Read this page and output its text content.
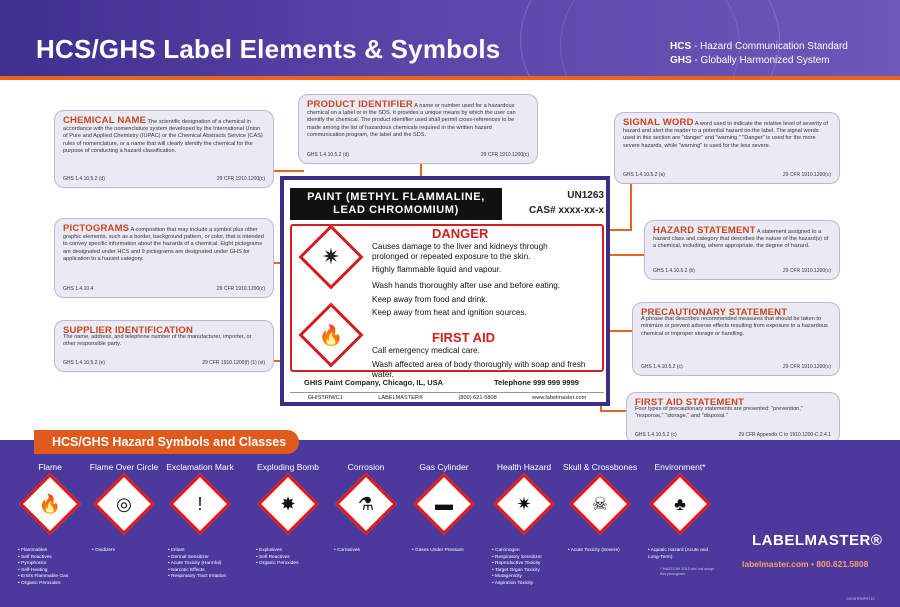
HCS/GHS Label Elements & Symbols	HCS - Hazard Communication Standard
GHS - Globally Harmonized System
CHEMICAL NAME The scientific designation of a chemical in accordance with the nomenclature system developed by the International Union of Pure and Applied Chemistry (IUPAC) or the Chemical Abstracts Service (CAS) rules of nomenclature, or a name that will clearly identify the chemical for the purpose of conducting a hazard classification.
GHS 1.4.10.5.2 (d)	29 CFR 1910.1200(c)
PRODUCT IDENTIFIER A name or number used for a hazardous chemical on a label or in the SDS. It provides a unique means by which the user can identify the chemical. The product identifier used shall permit cross-references to be made among the list of hazardous chemicals required in the written hazard communication program, the label and the SDS.
GHS 1.4.10.5.2 (d)	29 CFR 1910.1200(c)
SIGNAL WORD A word used to indicate the relative level of severity of hazard and alert the reader to a potential hazard on the label. The signal words used in this section are "danger" and "warning." "Danger" is used for the more severe hazards, while "warning" is used for the less severe.
GHS 1.4.10.5.2 (a)	29 CFR 1910.1200(c)
PICTOGRAMS A composition that may include a symbol plus other graphic elements, such as a border, background pattern, or color, that is intended to convey specific information about the hazards of a chemical. Eight pictograms are designated under HCS and 9 pictograms are designated under GHS for application to a hazard category.
GHS 1.4.10.4	29 CFR 1910.1200(c)
HAZARD STATEMENT A statement assigned to a hazard class and category that describes the nature of the hazard(s) of a chemical, including, where appropriate, the degree of hazard.
GHS 1.4.10.5.2 (b)	29 CFR 1910.1200(c)
SUPPLIER IDENTIFICATION
The name, address, and telephone number of the manufacturer, importer, or other responsible party.
GHS 1.4.10.5.2 (e)	29 CFR 1910.1200(f) (1) (vi)
PRECAUTIONARY STATEMENT
A phrase that describes recommended measures that should be taken to minimize or prevent adverse effects resulting from exposure to a hazardous chemical or improper storage or handling.
GHS 1.4.10.5.2 (c)	29 CFR 1910.1200(c)
FIRST AID STATEMENT
Four types of precautionary statements are presented: "prevention," "response," "storage," and "disposal."
GHS 1.4.10.5.2 (c)	29 CFR Appendix C to 1910.1200-C.2.4.1
PAINT (METHYL FLAMMALINE, LEAD CHROMOMIUM)
UN1263
CAS# xxxx-xx-x
✷
🔥
DANGER
Causes damage to the liver and kidneys through
prolonged or repeated exposure to the skin.
Highly flammable liquid and vapour.
Wash hands thoroughly after use and before eating.
Keep away from food and drink.
Keep away from heat and ignition sources.
FIRST AID
Call emergency medical care.
Wash affected area of body thoroughly with soap and fresh water.
GHIS Paint Company, Chicago, IL, USA	Telephone 999 999 9999
GHISTRIWC1	LABELMASTER®	(800) 621-5808	www.labelmaster.com
HCS/GHS Hazard Symbols and Classes
Flame
🔥
• Flammables
• Self Reactives
• Pyrophorics
• Self-Heating
• Emits Flammable Gas
• Organic Peroxides
Flame Over Circle
◎
• Oxidizers
Exclamation Mark
!
• Irritant
• Dermal Sensitizer
• Acute Toxicity (Harmful)
• Narcotic Effects
• Respiratory Tract Irritation
Exploding Bomb
✸
• Explosives
• Self Reactives
• Organic Peroxides
Corrosion
⚗
• Corrosives
Gas Cylinder
▬
• Gases Under Pressure
Health Hazard
✷
• Carcinogen
• Respiratory Sensitizer
• Reproductive Toxicity
• Target Organ Toxicity
• Mutagenicity
• Aspiration Toxicity
Skull & Crossbones
☠
• Acute Toxicity (Severe)
Environment*
♣
• Aquatic Hazard (Acute and Long-Term)
LABELMASTER®
labelmaster.com • 800.621.5808
* HAZCOM 2012 did not adopt this pictogram
GHSSTRNPST10
